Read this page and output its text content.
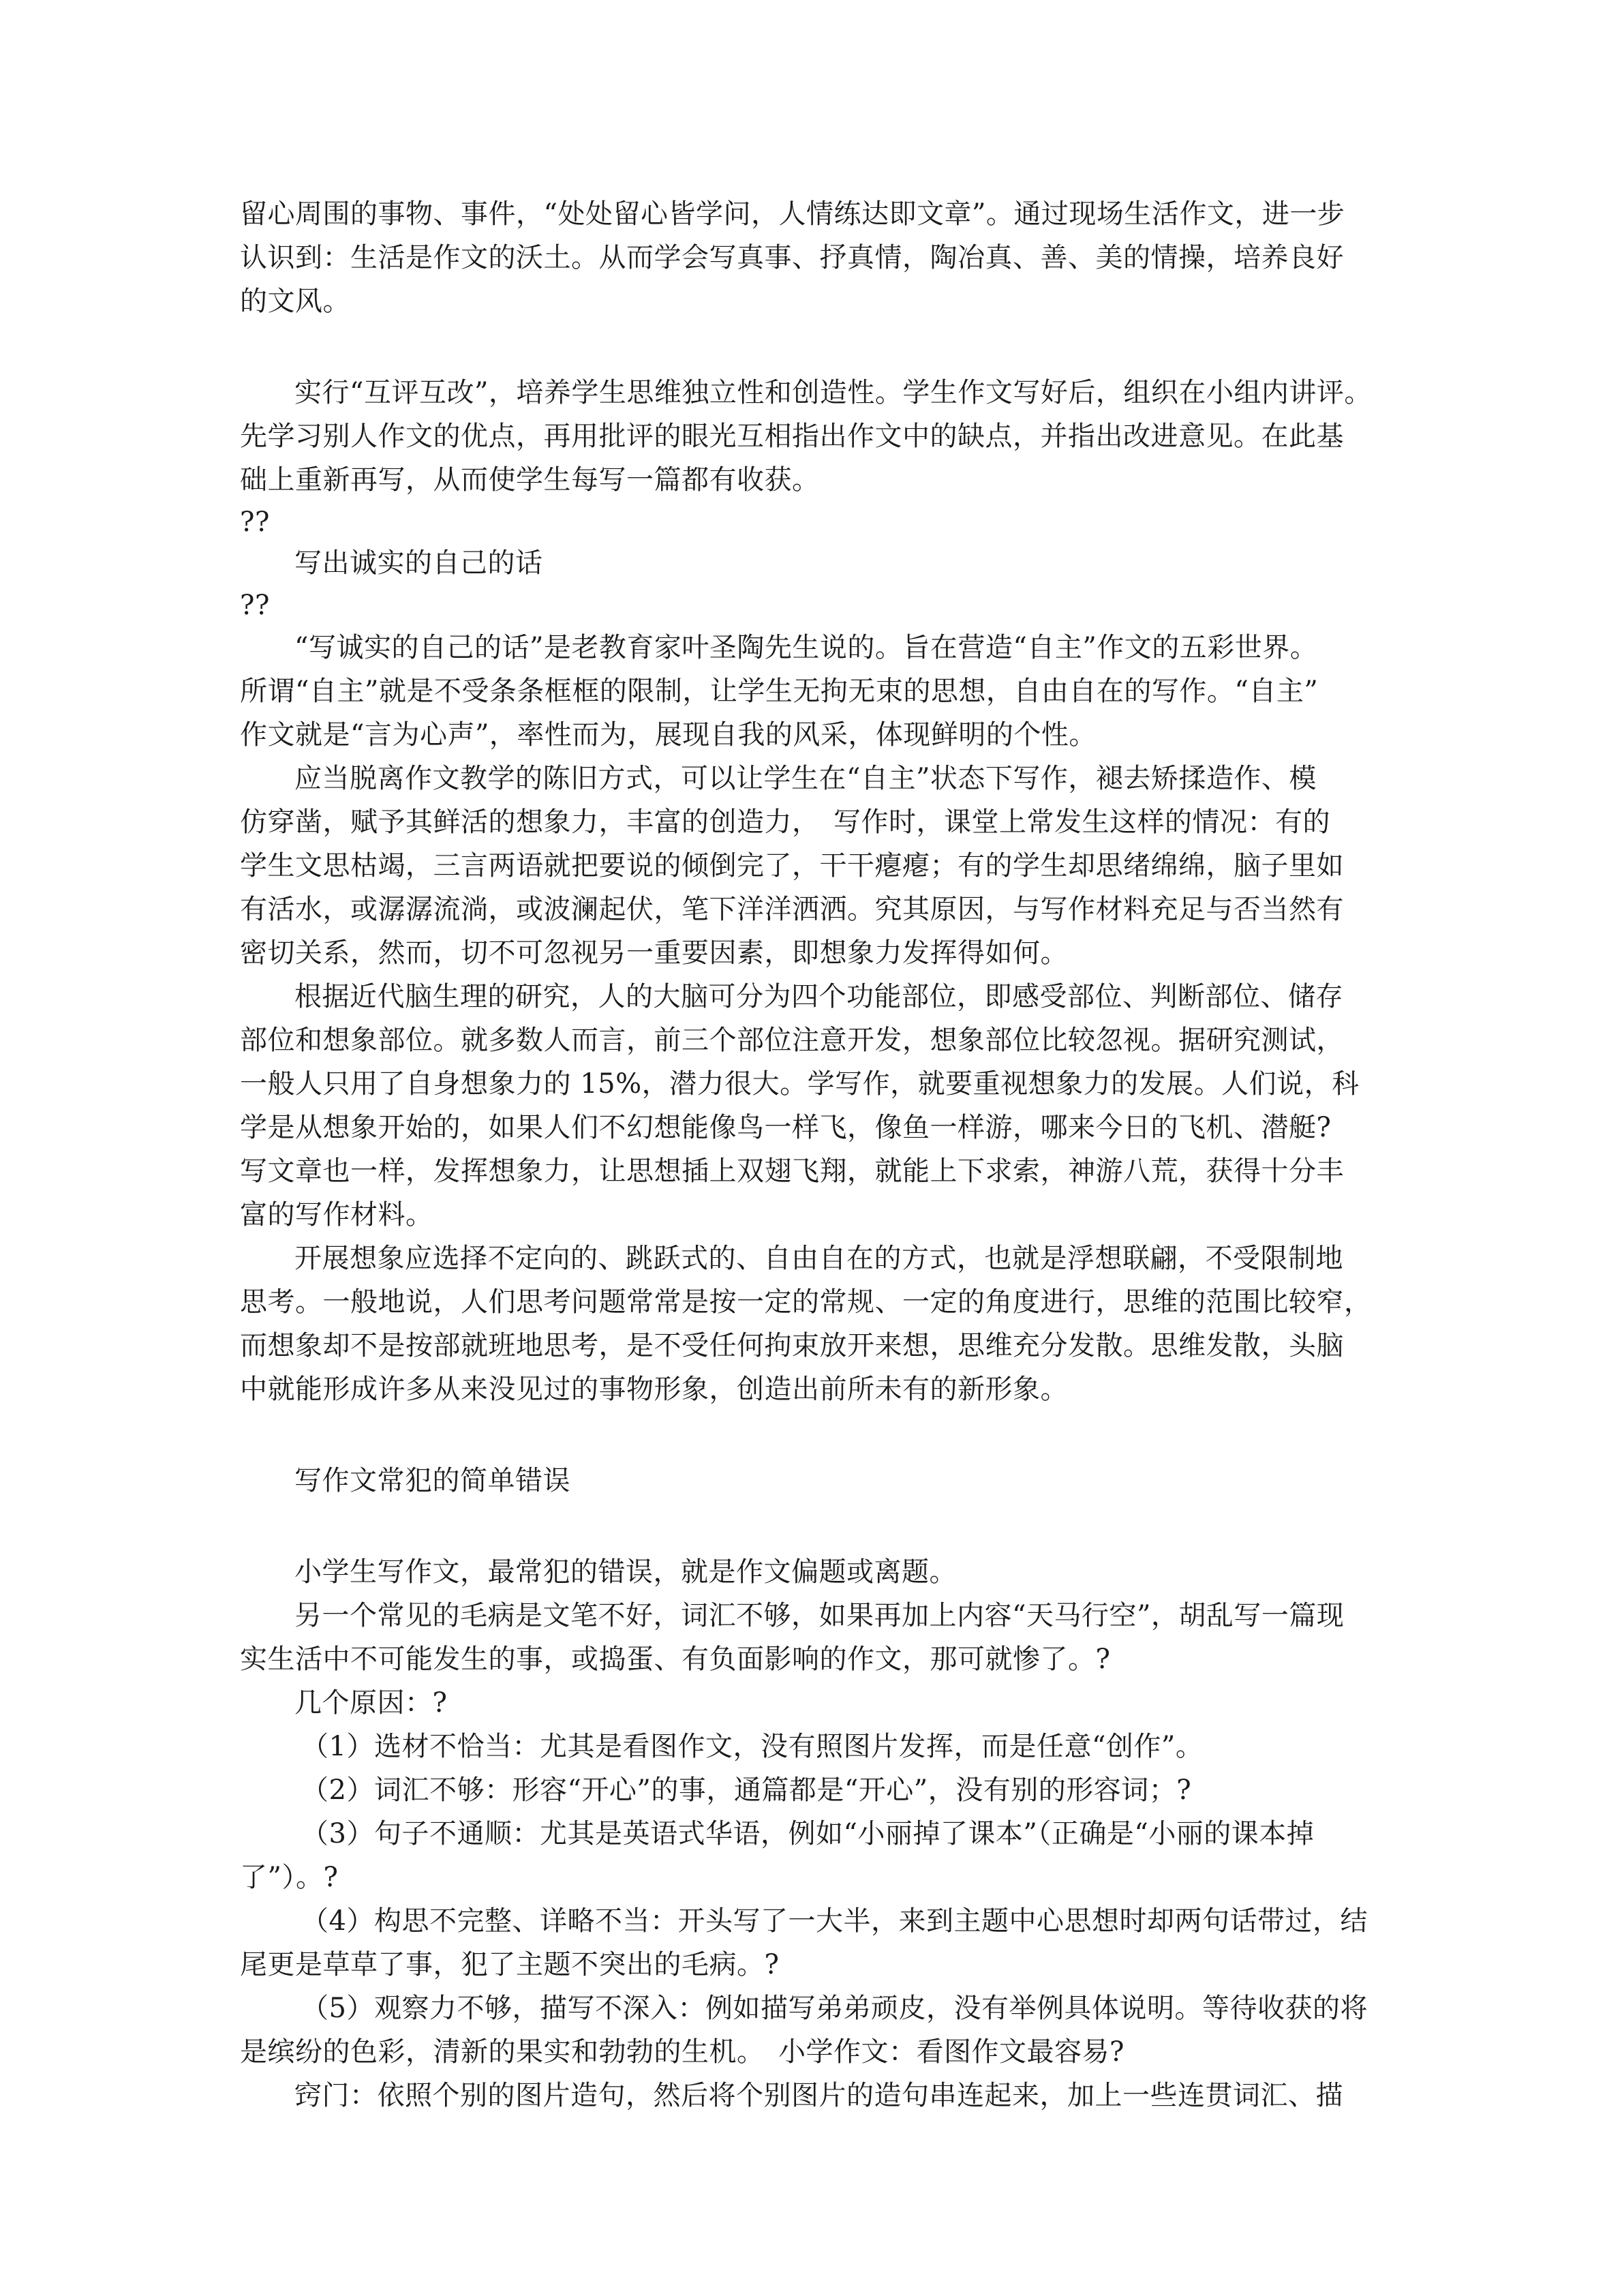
留心周围的事物、事件，“处处留心皆学问，人情练达即文章”。通过现场生活作文，进一步
认识到：生活是作文的沃土。从而学会写真事、抒真情，陶冶真、善、美的情操，培养良好
的文风。
实行“互评互改”，培养学生思维独立性和创造性。学生作文写好后，组织在小组内讲评。
先学习别人作文的优点，再用批评的眼光互相指出作文中的缺点，并指出改进意见。在此基
础上重新再写，从而使学生每写一篇都有收获。
??
写出诚实的自己的话
??
“写诚实的自己的话”是老教育家叶圣陶先生说的。旨在营造“自主”作文的五彩世界。
所谓“自主”就是不受条条框框的限制，让学生无拘无束的思想，自由自在的写作。“自主”
作文就是“言为心声”，率性而为，展现自我的风采，体现鲜明的个性。
应当脱离作文教学的陈旧方式，可以让学生在“自主”状态下写作，褪去矫揉造作、模
仿穿凿，赋予其鲜活的想象力，丰富的创造力，　写作时，课堂上常发生这样的情况：有的
学生文思枯竭，三言两语就把要说的倾倒完了，干干瘪瘪；有的学生却思绪绵绵，脑子里如
有活水，或潺潺流淌，或波澜起伏，笔下洋洋洒洒。究其原因，与写作材料充足与否当然有
密切关系，然而，切不可忽视另一重要因素，即想象力发挥得如何。
根据近代脑生理的研究，人的大脑可分为四个功能部位，即感受部位、判断部位、储存
部位和想象部位。就多数人而言，前三个部位注意开发，想象部位比较忽视。据研究测试，
一般人只用了自身想象力的 15%，潜力很大。学写作，就要重视想象力的发展。人们说，科
学是从想象开始的，如果人们不幻想能像鸟一样飞，像鱼一样游，哪来今日的飞机、潜艇?
写文章也一样，发挥想象力，让思想插上双翅飞翔，就能上下求索，神游八荒，获得十分丰
富的写作材料。
开展想象应选择不定向的、跳跃式的、自由自在的方式，也就是浮想联翩，不受限制地
思考。一般地说，人们思考问题常常是按一定的常规、一定的角度进行，思维的范围比较窄，
而想象却不是按部就班地思考，是不受任何拘束放开来想，思维充分发散。思维发散，头脑
中就能形成许多从来没见过的事物形象，创造出前所未有的新形象。
写作文常犯的简单错误
小学生写作文，最常犯的错误，就是作文偏题或离题。
另一个常见的毛病是文笔不好，词汇不够，如果再加上内容“天马行空”，胡乱写一篇现
实生活中不可能发生的事，或捣蛋、有负面影响的作文，那可就惨了。?
几个原因：?
（1）选材不恰当：尤其是看图作文，没有照图片发挥，而是任意“创作”。
（2）词汇不够：形容“开心”的事，通篇都是“开心”，没有别的形容词；?
（3）句子不通顺：尤其是英语式华语，例如“小丽掉了课本”（正确是“小丽的课本掉
了”）。?
（4）构思不完整、详略不当：开头写了一大半，来到主题中心思想时却两句话带过，结
尾更是草草了事，犯了主题不突出的毛病。?
（5）观察力不够，描写不深入：例如描写弟弟顽皮，没有举例具体说明。等待收获的将
是缤纷的色彩，清新的果实和勃勃的生机。　小学作文：看图作文最容易?
窍门：依照个别的图片造句，然后将个别图片的造句串连起来，加上一些连贯词汇、描
